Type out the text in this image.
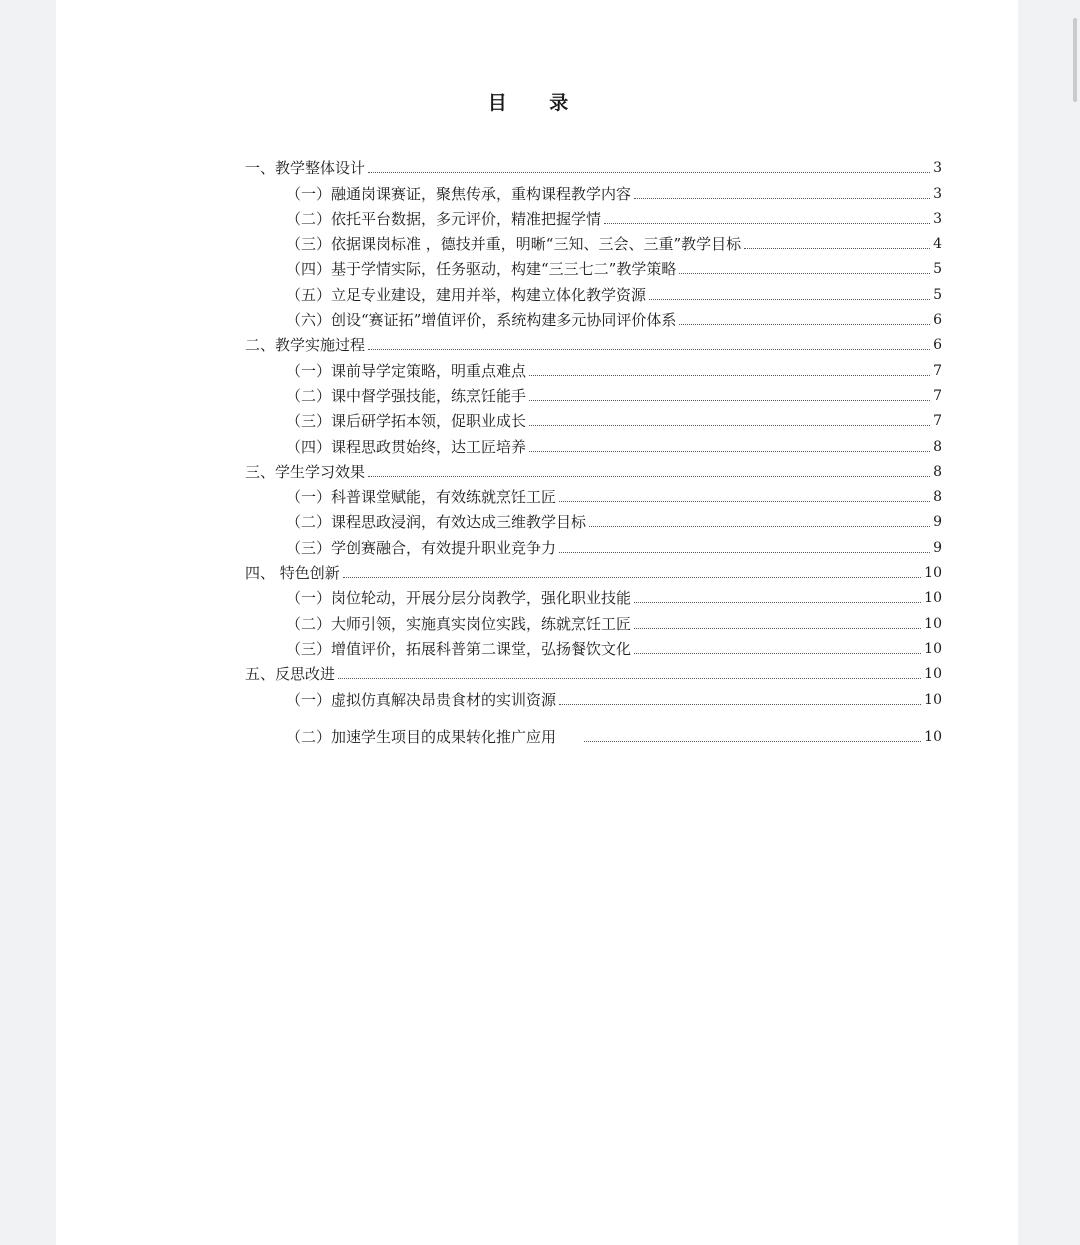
目 录
一、教学整体设计	3
（一）融通岗课赛证，聚焦传承，重构课程教学内容	3
（二）依托平台数据，多元评价，精准把握学情	3
（三）依据课岗标准 ，德技并重，明晰“三知、三会、三重”教学目标	4
（四）基于学情实际，任务驱动，构建“三三七二”教学策略	5
（五）立足专业建设，建用并举，构建立体化教学资源	5
（六）创设“赛证拓”增值评价，系统构建多元协同评价体系	6
二、教学实施过程	6
（一）课前导学定策略，明重点难点	7
（二）课中督学强技能，练烹饪能手	7
（三）课后研学拓本领，促职业成长	7
（四）课程思政贯始终，达工匠培养	8
三、学生学习效果	8
（一）科普课堂赋能，有效练就烹饪工匠	8
（二）课程思政浸润，有效达成三维教学目标	9
（三）学创赛融合，有效提升职业竞争力	9
四、 特色创新	10
（一）岗位轮动，开展分层分岗教学，强化职业技能	10
（二）大师引领，实施真实岗位实践，练就烹饪工匠	10
（三）增值评价，拓展科普第二课堂，弘扬餐饮文化	10
五、反思改进	10
（一）虚拟仿真解决昂贵食材的实训资源	10
（二）加速学生项目的成果转化推广应用	10
